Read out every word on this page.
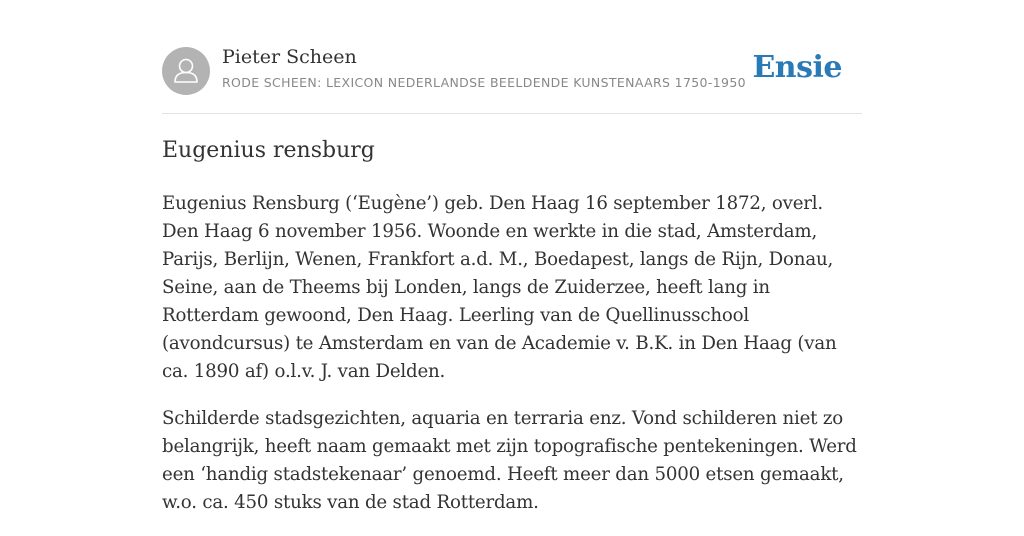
Pieter Scheen
RODE SCHEEN: LEXICON NEDERLANDSE BEELDENDE KUNSTENAARS 1750-1950 Ensie
Eugenius rensburg

Eugenius Rensburg (‘Eugène’) geb. Den Haag 16 september 1872, overl. Den Haag 6 november 1956. Woonde en werkte in die stad, Amsterdam, Parijs, Berlijn, Wenen, Frankfort a.d. M., Boedapest, langs de Rijn, Donau, Seine, aan de Theems bij Londen, langs de Zuiderzee, heeft lang in Rotterdam gewoond, Den Haag. Leerling van de Quellinusschool (avondcursus) te Amsterdam en van de Academie v. B.K. in Den Haag (van ca. 1890 af) o.l.v. J. van Delden.

Schilderde stadsgezichten, aquaria en terraria enz. Vond schilderen niet zo belangrijk, heeft naam gemaakt met zijn topografische pentekeningen. Werd een ‘handig stadstekenaar’ genoemd. Heeft meer dan 5000 etsen gemaakt, w.o. ca. 450 stuks van de stad Rotterdam.
